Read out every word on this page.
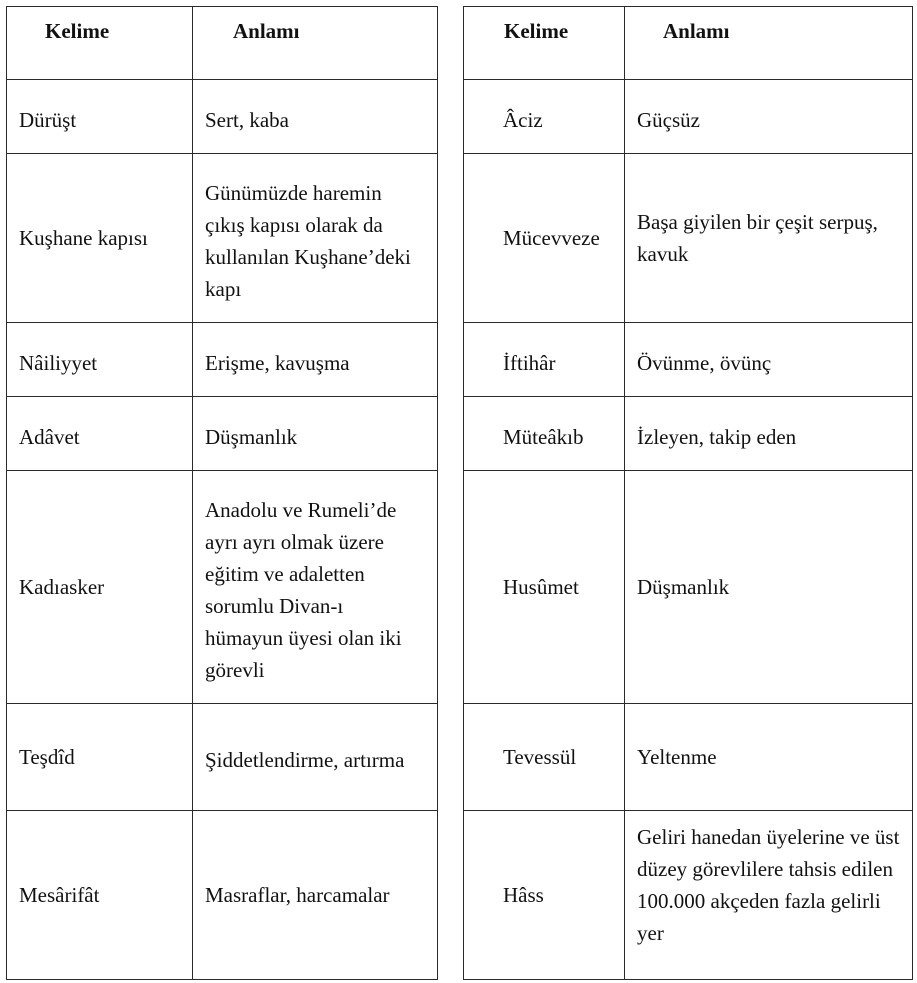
Kelime	Anlamı

Dürüşt	Sert, kaba

Kuşhane kapısı	Günümüzde haremin çıkış kapısı olarak da kullanılan Kuşhane’deki kapı

Nâiliyyet	Erişme, kavuşma

Adâvet	Düşmanlık

Kadıasker	Anadolu ve Rumeli’de ayrı ayrı olmak üzere eğitim ve adaletten sorumlu Divan-ı hümayun üyesi olan iki görevli

Teşdîd	Şiddetlendirme, artırma

Mesârifât	Masraflar, harcamalar
Kelime	Anlamı

Âciz	Güçsüz

Mücevveze	Başa giyilen bir çeşit serpuş, kavuk

İftihâr	Övünme, övünç

Müteâkıb	İzleyen, takip eden

Husûmet	Düşmanlık

Tevessül	Yeltenme

Hâss	Geliri hanedan üyelerine ve üst düzey görevlilere tahsis edilen 100.000 akçeden fazla gelirli yer
